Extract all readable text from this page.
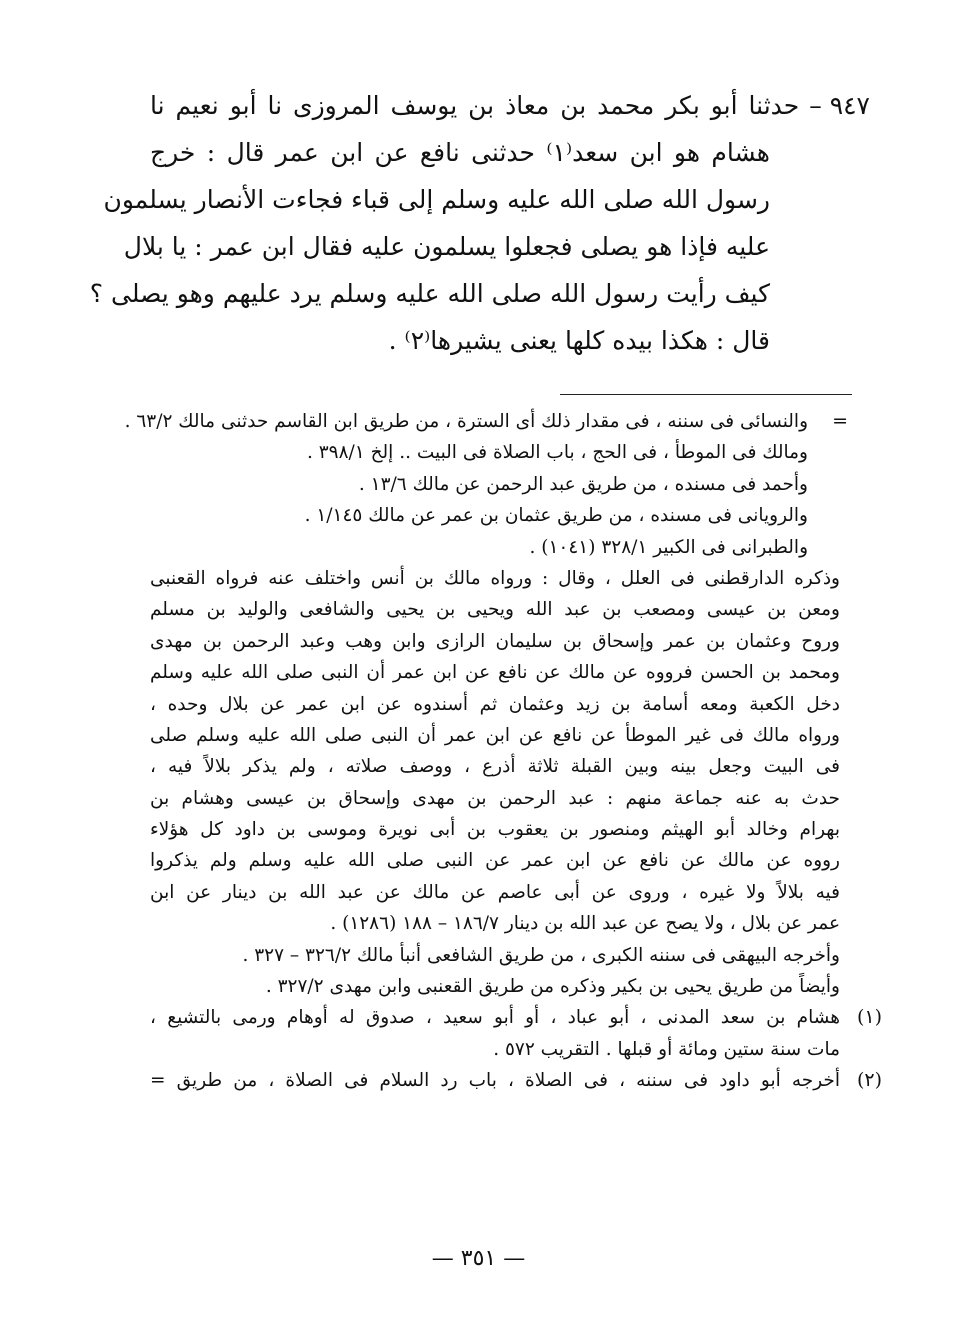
٩٤٧ –حدثنا أبو بكر محمد بن معاذ بن يوسف المروزى نا أبو نعيم نا
هشام هو ابن سعد⁽١⁾ حدثنى نافع عن ابن عمر قال : خرج
رسول الله صلى الله عليه وسلم إلى قباء فجاءت الأنصار يسلمون
عليه فإذا هو يصلى فجعلوا يسلمون عليه فقال ابن عمر : يا بلال
كيف رأيت رسول الله صلى الله عليه وسلم يرد عليهم وهو يصلى ؟
قال : هكذا بيده كلها يعنى يشيرها⁽٢⁾ .
=
والنسائى فى سننه ، فى مقدار ذلك أى السترة ، من طريق ابن القاسم حدثنى مالك ٦٣/٢ .
ومالك فى الموطأ ، فى الحج ، باب الصلاة فى البيت .. إلخ ٣٩٨/١ .
وأحمد فى مسنده ، من طريق عبد الرحمن عن مالك ١٣/٦ .
والرويانى فى مسنده ، من طريق عثمان بن عمر عن مالك ١/١٤٥ .
والطبرانى فى الكبير ٣٢٨/١ (١٠٤١) .
وذكره الدارقطنى فى العلل ، وقال : ورواه مالك بن أنس واختلف عنه فرواه القعنبى
ومعن بن عيسى ومصعب بن عبد الله ويحيى بن يحيى والشافعى والوليد بن مسلم
وروح وعثمان بن عمر وإسحاق بن سليمان الرازى وابن وهب وعبد الرحمن بن مهدى
ومحمد بن الحسن فرووه عن مالك عن نافع عن ابن عمر أن النبى صلى الله عليه وسلم
دخل الكعبة ومعه أسامة بن زيد وعثمان ثم أسندوه عن ابن عمر عن بلال وحده ،
ورواه مالك فى غير الموطأ عن نافع عن ابن عمر أن النبى صلى الله عليه وسلم صلى
فى البيت وجعل بينه وبين القبلة ثلاثة أذرع ، ووصف صلاته ، ولم يذكر بلالاً فيه ،
حدث به عنه جماعة منهم : عبد الرحمن بن مهدى وإسحاق بن عيسى وهشام بن
بهرام وخالد أبو الهيثم ومنصور بن يعقوب بن أبى نويرة وموسى بن داود كل هؤلاء
رووه عن مالك عن نافع عن ابن عمر عن النبى صلى الله عليه وسلم ولم يذكروا
فيه بلالاً ولا غيره ، وروى عن أبى عاصم عن مالك عن عبد الله بن دينار عن ابن
عمر عن بلال ، ولا يصح عن عبد الله بن دينار ١٨٦/٧ – ١٨٨ (١٢٨٦) .
وأخرجه البيهقى فى سننه الكبرى ، من طريق الشافعى أنبأ مالك ٣٢٦/٢ – ٣٢٧ .
وأيضاً من طريق يحيى بن بكير وذكره من طريق القعنبى وابن مهدى ٣٢٧/٢ .
(١)
هشام بن سعد المدنى ، أبو عباد ، أو أبو سعيد ، صدوق له أوهام ورمى بالتشيع ،
مات سنة ستين ومائة أو قبلها . التقريب ٥٧٢ .
(٢)
أخرجه أبو داود فى سننه ، فى الصلاة ، باب رد السلام فى الصلاة ، من طريق =
— ٣٥١ —
